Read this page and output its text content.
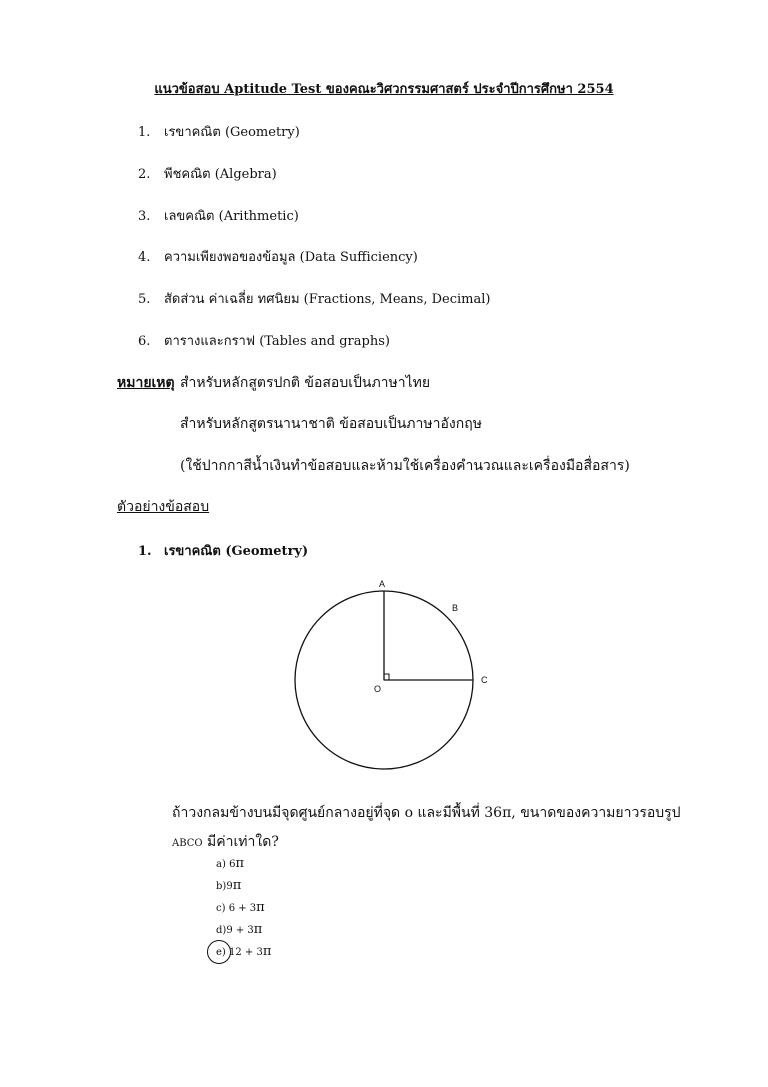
แนวข้อสอบ Aptitude Test ของคณะวิศวกรรมศาสตร์ ประจำปีการศึกษา 2554
1. เรขาคณิต (Geometry)
2. พีชคณิต (Algebra)
3. เลขคณิต (Arithmetic)
4. ความเพียงพอของข้อมูล (Data Sufficiency)
5. สัดส่วน ค่าเฉลี่ย ทศนิยม (Fractions, Means, Decimal)
6. ตารางและกราฟ (Tables and graphs)
หมายเหตุ สำหรับหลักสูตรปกติ ข้อสอบเป็นภาษาไทย
สำหรับหลักสูตรนานาชาติ ข้อสอบเป็นภาษาอังกฤษ
(ใช้ปากกาสีน้ำเงินทำข้อสอบและห้ามใช้เครื่องคำนวณและเครื่องมือสื่อสาร)
ตัวอย่างข้อสอบ
1. เรขาคณิต (Geometry)
A
B
C
O
ถ้าวงกลมข้างบนมีจุดศูนย์กลางอยู่ที่จุด o และมีพื้นที่ 36π, ขนาดของความยาวรอบรูป
ABCO มีค่าเท่าใด?
a) 6π
b)9π
c) 6 + 3π
d)9 + 3π
e) 12 + 3π
